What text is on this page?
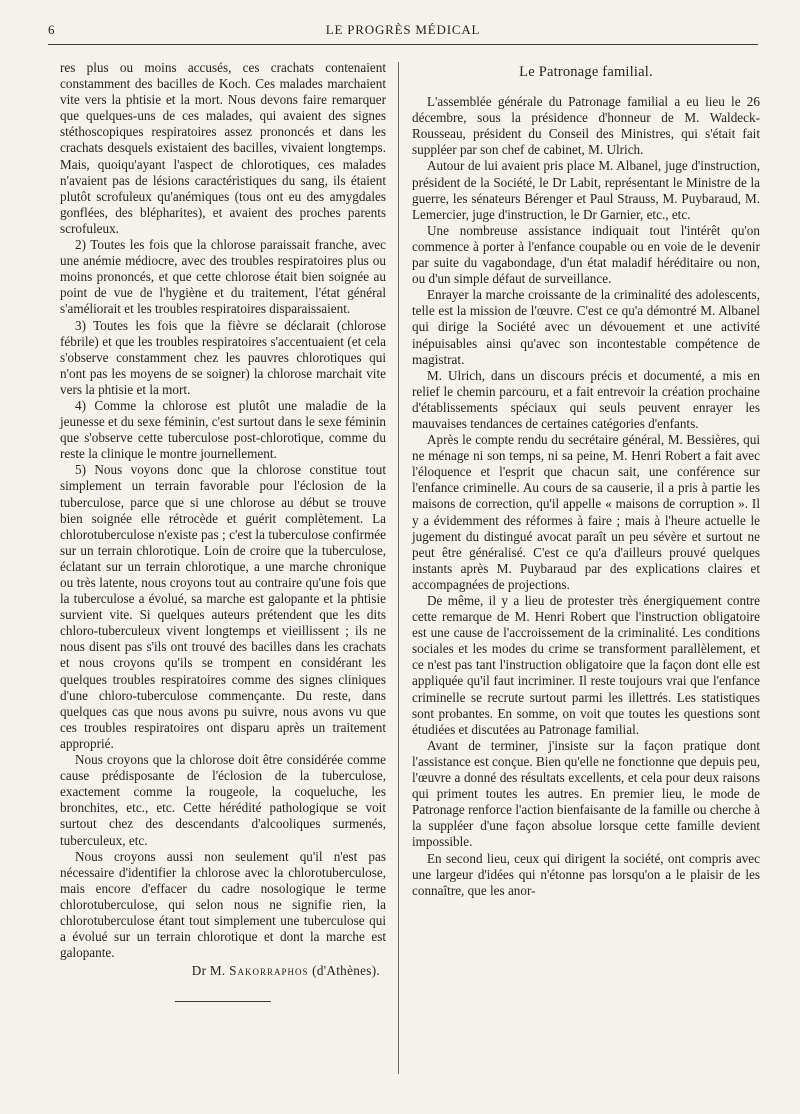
6	LE PROGRÈS MÉDICAL

res plus ou moins accusés, ces crachats contenaient constamment des bacilles de Koch. Ces malades marchaient vite vers la phtisie et la mort. Nous devons faire remarquer que quelques-uns de ces malades, qui avaient des signes stéthoscopiques respiratoires assez prononcés et dans les crachats desquels existaient des bacilles, vivaient longtemps. Mais, quoiqu'ayant l'aspect de chlorotiques, ces malades n'avaient pas de lésions caractéristiques du sang, ils étaient plutôt scrofuleux qu'anémiques (tous ont eu des amygdales gonflées, des blépharites), et avaient des proches parents scrofuleux.

2) Toutes les fois que la chlorose paraissait franche, avec une anémie médiocre, avec des troubles respiratoires plus ou moins prononcés, et que cette chlorose était bien soignée au point de vue de l'hygiène et du traitement, l'état général s'améliorait et les troubles respiratoires disparaissaient.

3) Toutes les fois que la fièvre se déclarait (chlorose fébrile) et que les troubles respiratoires s'accentuaient (et cela s'observe constamment chez les pauvres chlorotiques qui n'ont pas les moyens de se soigner) la chlorose marchait vite vers la phtisie et la mort.

4) Comme la chlorose est plutôt une maladie de la jeunesse et du sexe féminin, c'est surtout dans le sexe féminin que s'observe cette tuberculose post-chlorotique, comme du reste la clinique le montre journellement.

5) Nous voyons donc que la chlorose constitue tout simplement un terrain favorable pour l'éclosion de la tuberculose, parce que si une chlorose au début se trouve bien soignée elle rétrocède et guérit complètement. La chlorotuberculose n'existe pas ; c'est la tuberculose confirmée sur un terrain chlorotique. Loin de croire que la tuberculose, éclatant sur un terrain chlorotique, a une marche chronique ou très latente, nous croyons tout au contraire qu'une fois que la tuberculose a évolué, sa marche est galopante et la phtisie survient vite. Si quelques auteurs prétendent que les dits chloro-tuberculeux vivent longtemps et vieillissent ; ils ne nous disent pas s'ils ont trouvé des bacilles dans les crachats et nous croyons qu'ils se trompent en considérant les quelques troubles respiratoires comme des signes cliniques d'une chloro-tuberculose commençante. Du reste, dans quelques cas que nous avons pu suivre, nous avons vu que ces troubles respiratoires ont disparu après un traitement approprié.

Nous croyons que la chlorose doit être considérée comme cause prédisposante de l'éclosion de la tuberculose, exactement comme la rougeole, la coqueluche, les bronchites, etc., etc. Cette hérédité pathologique se voit surtout chez des descendants d'alcooliques surmenés, tuberculeux, etc.

Nous croyons aussi non seulement qu'il n'est pas nécessaire d'identifier la chlorose avec la chlorotuberculose, mais encore d'effacer du cadre nosologique le terme chlorotuberculose, qui selon nous ne signifie rien, la chlorotuberculose étant tout simplement une tuberculose qui a évolué sur un terrain chlorotique et dont la marche est galopante.

Dr M. Sakorraphos (d'Athènes).
Le Patronage familial.

L'assemblée générale du Patronage familial a eu lieu le 26 décembre, sous la présidence d'honneur de M. Waldeck-Rousseau, président du Conseil des Ministres, qui s'était fait suppléer par son chef de cabinet, M. Ulrich.

Autour de lui avaient pris place M. Albanel, juge d'instruction, président de la Société, le Dr Labit, représentant le Ministre de la guerre, les sénateurs Bérenger et Paul Strauss, M. Puybaraud, M. Lemercier, juge d'instruction, le Dr Garnier, etc., etc.

Une nombreuse assistance indiquait tout l'intérêt qu'on commence à porter à l'enfance coupable ou en voie de le devenir par suite du vagabondage, d'un état maladif héréditaire ou non, ou d'un simple défaut de surveillance.

Enrayer la marche croissante de la criminalité des adolescents, telle est la mission de l'œuvre. C'est ce qu'a démontré M. Albanel qui dirige la Société avec un dévouement et une activité inépuisables ainsi qu'avec son incontestable compétence de magistrat.

M. Ulrich, dans un discours précis et documenté, a mis en relief le chemin parcouru, et a fait entrevoir la création prochaine d'établissements spéciaux qui seuls peuvent enrayer les mauvaises tendances de certaines catégories d'enfants.

Après le compte rendu du secrétaire général, M. Bessières, qui ne ménage ni son temps, ni sa peine, M. Henri Robert a fait avec l'éloquence et l'esprit que chacun sait, une conférence sur l'enfance criminelle. Au cours de sa causerie, il a pris à partie les maisons de correction, qu'il appelle « maisons de corruption ». Il y a évidemment des réformes à faire ; mais à l'heure actuelle le jugement du distingué avocat paraît un peu sévère et surtout ne peut être généralisé. C'est ce qu'a d'ailleurs prouvé quelques instants après M. Puybaraud par des explications claires et accompagnées de projections.

De même, il y a lieu de protester très énergiquement contre cette remarque de M. Henri Robert que l'instruction obligatoire est une cause de l'accroissement de la criminalité. Les conditions sociales et les modes du crime se transforment parallèlement, et ce n'est pas tant l'instruction obligatoire que la façon dont elle est appliquée qu'il faut incriminer. Il reste toujours vrai que l'enfance criminelle se recrute surtout parmi les illettrés. Les statistiques sont probantes. En somme, on voit que toutes les questions sont étudiées et discutées au Patronage familial.

Avant de terminer, j'insiste sur la façon pratique dont l'assistance est conçue. Bien qu'elle ne fonctionne que depuis peu, l'œuvre a donné des résultats excellents, et cela pour deux raisons qui priment toutes les autres. En premier lieu, le mode de Patronage renforce l'action bienfaisante de la famille ou cherche à la suppléer d'une façon absolue lorsque cette famille devient impossible.

En second lieu, ceux qui dirigent la société, ont compris avec une largeur d'idées qui n'étonne pas lorsqu'on a le plaisir de les connaître, que les anor-
